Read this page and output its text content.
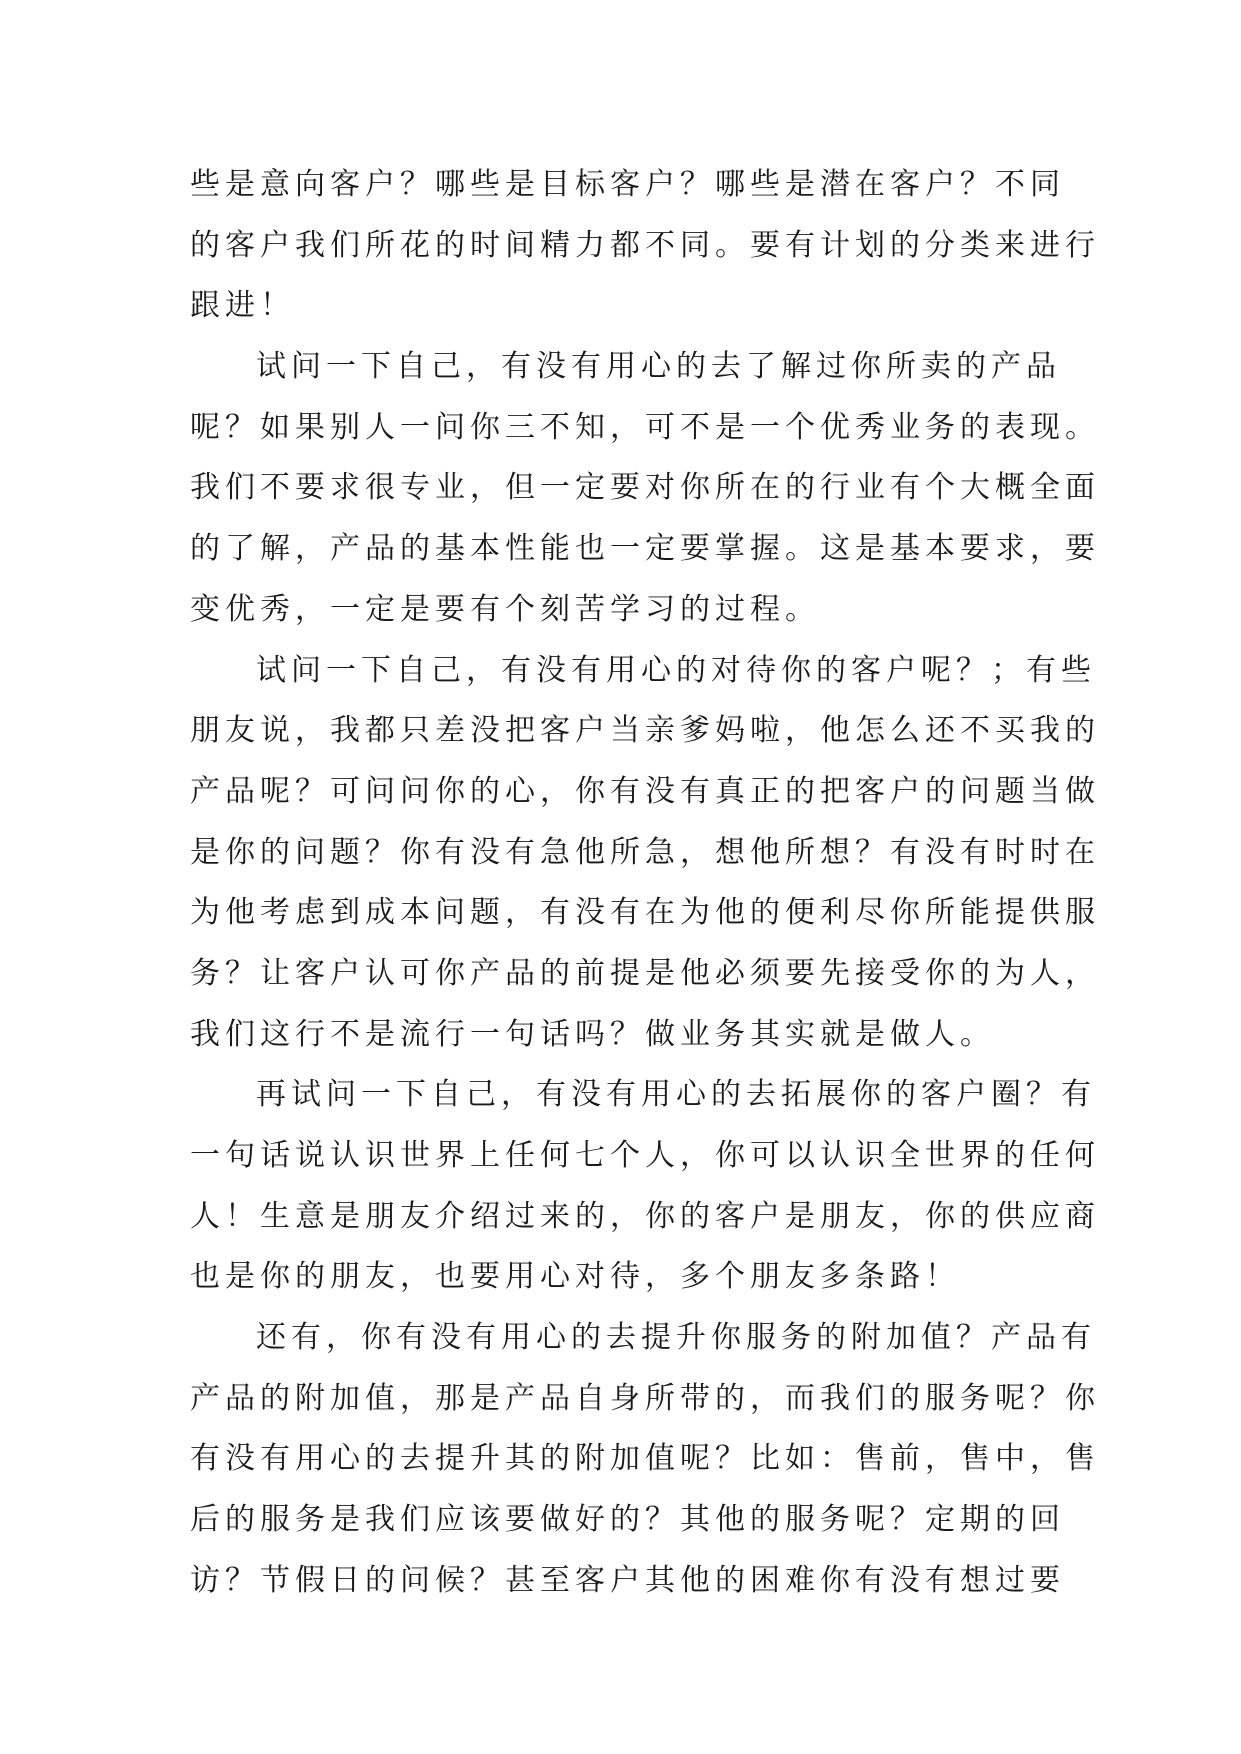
些是意向客户？哪些是目标客户？哪些是潜在客户？不同
的客户我们所花的时间精力都不同。要有计划的分类来进行
跟进！
试问一下自己，有没有用心的去了解过你所卖的产品
呢？如果别人一问你三不知，可不是一个优秀业务的表现。
我们不要求很专业，但一定要对你所在的行业有个大概全面
的了解，产品的基本性能也一定要掌握。这是基本要求，要
变优秀，一定是要有个刻苦学习的过程。
试问一下自己，有没有用心的对待你的客户呢？；有些
朋友说，我都只差没把客户当亲爹妈啦，他怎么还不买我的
产品呢？可问问你的心，你有没有真正的把客户的问题当做
是你的问题？你有没有急他所急，想他所想？有没有时时在
为他考虑到成本问题，有没有在为他的便利尽你所能提供服
务？让客户认可你产品的前提是他必须要先接受你的为人，
我们这行不是流行一句话吗？做业务其实就是做人。
再试问一下自己，有没有用心的去拓展你的客户圈？有
一句话说认识世界上任何七个人，你可以认识全世界的任何
人！生意是朋友介绍过来的，你的客户是朋友，你的供应商
也是你的朋友，也要用心对待，多个朋友多条路！
还有，你有没有用心的去提升你服务的附加值？产品有
产品的附加值，那是产品自身所带的，而我们的服务呢？你
有没有用心的去提升其的附加值呢？比如：售前，售中，售
后的服务是我们应该要做好的？其他的服务呢？定期的回
访？节假日的问候？甚至客户其他的困难你有没有想过要
